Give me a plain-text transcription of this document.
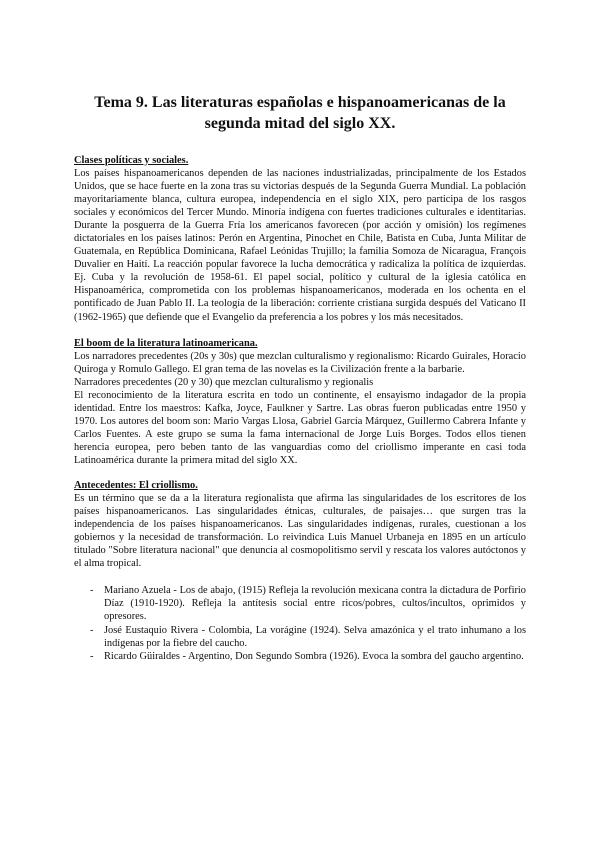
Tema 9. Las literaturas españolas e hispanoamericanas de la
segunda mitad del siglo XX.
Clases políticas y sociales.

Los países hispanoamericanos dependen de las naciones industrializadas, principalmente de los Estados Unidos, que se hace fuerte en la zona tras su victorias después de la Segunda Guerra Mundial. La población mayoritariamente blanca, cultura europea, independencia en el siglo XIX, pero participa de los rasgos sociales y económicos del Tercer Mundo. Minoría indígena con fuertes tradiciones culturales e identitarias. Durante la posguerra de la Guerra Fría los americanos favorecen (por acción y omisión) los regímenes dictatoriales en los países latinos: Perón en Argentina, Pinochet en Chile, Batista en Cuba, Junta Militar de Guatemala, en República Dominicana, Rafael Leónidas Trujillo; la familia Somoza de Nicaragua, François Duvalier en Haití. La reacción popular favorece la lucha democrática y radicaliza la política de izquierdas. Ej. Cuba y la revolución de 1958-61. El papel social, político y cultural de la iglesia católica en Hispanoamérica, comprometida con los problemas hispanoamericanos, moderada en los ochenta en el pontificado de Juan Pablo II. La teología de la liberación: corriente cristiana surgida después del Vaticano II (1962-1965) que defiende que el Evangelio da preferencia a los pobres y los más necesitados.

El boom de la literatura latinoamericana.

Los narradores precedentes (20s y 30s) que mezclan culturalismo y regionalismo: Ricardo Guirales, Horacio Quiroga y Romulo Gallego. El gran tema de las novelas es la Civilización frente a la barbarie.

Narradores precedentes (20 y 30) que mezclan culturalismo y regionalis

El reconocimiento de la literatura escrita en todo un continente, el ensayismo indagador de la propia identidad. Entre los maestros: Kafka, Joyce, Faulkner y Sartre. Las obras fueron publicadas entre 1950 y 1970. Los autores del boom son: Mario Vargas Llosa, Gabriel García Márquez, Guillermo Cabrera Infante y Carlos Fuentes. A este grupo se suma la fama internacional de Jorge Luis Borges. Todos ellos tienen herencia europea, pero beben tanto de las vanguardias como del criollismo imperante en casi toda Latinoamérica durante la primera mitad del siglo XX.

Antecedentes: El criollismo.

Es un término que se da a la literatura regionalista que afirma las singularidades de los escritores de los países hispanoamericanos. Las singularidades étnicas, culturales, de paisajes… que surgen tras la independencia de los países hispanoamericanos. Las singularidades indígenas, rurales, cuestionan a los gobiernos y la necesidad de transformación. Lo reivindica Luis Manuel Urbaneja en 1895 en un artículo titulado "Sobre literatura nacional" que denuncia al cosmopolitismo servil y rescata los valores autóctonos y el alma tropical.

- Mariano Azuela - Los de abajo, (1915) Refleja la revolución mexicana contra la dictadura de Porfirio Díaz (1910-1920). Refleja la antítesis social entre ricos/pobres, cultos/incultos, oprimidos y opresores.
- José Eustaquio Rivera - Colombia, La vorágine (1924). Selva amazónica y el trato inhumano a los indígenas por la fiebre del caucho.
- Ricardo Güiraldes - Argentino, Don Segundo Sombra (1926). Evoca la sombra del gaucho argentino.
